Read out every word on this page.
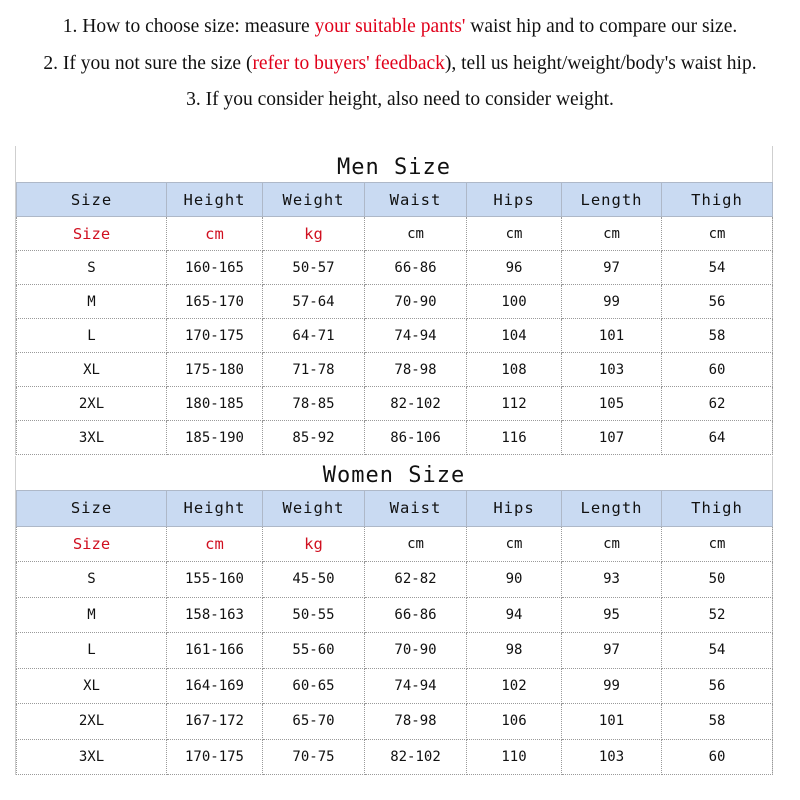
1. How to choose size: measure your suitable pants' waist hip and to compare our size.
2. If you not sure the size (refer to buyers' feedback), tell us height/weight/body's waist hip.
3. If you consider height, also need to consider weight.
Men Size
Size	Height	Weight	Waist	Hips	Length	Thigh
Size	cm	kg	cm	cm	cm	cm
S	160-165	50-57	66-86	96	97	54
M	165-170	57-64	70-90	100	99	56
L	170-175	64-71	74-94	104	101	58
XL	175-180	71-78	78-98	108	103	60
2XL	180-185	78-85	82-102	112	105	62
3XL	185-190	85-92	86-106	116	107	64
Women Size
Size	Height	Weight	Waist	Hips	Length	Thigh
Size	cm	kg	cm	cm	cm	cm
S	155-160	45-50	62-82	90	93	50
M	158-163	50-55	66-86	94	95	52
L	161-166	55-60	70-90	98	97	54
XL	164-169	60-65	74-94	102	99	56
2XL	167-172	65-70	78-98	106	101	58
3XL	170-175	70-75	82-102	110	103	60
